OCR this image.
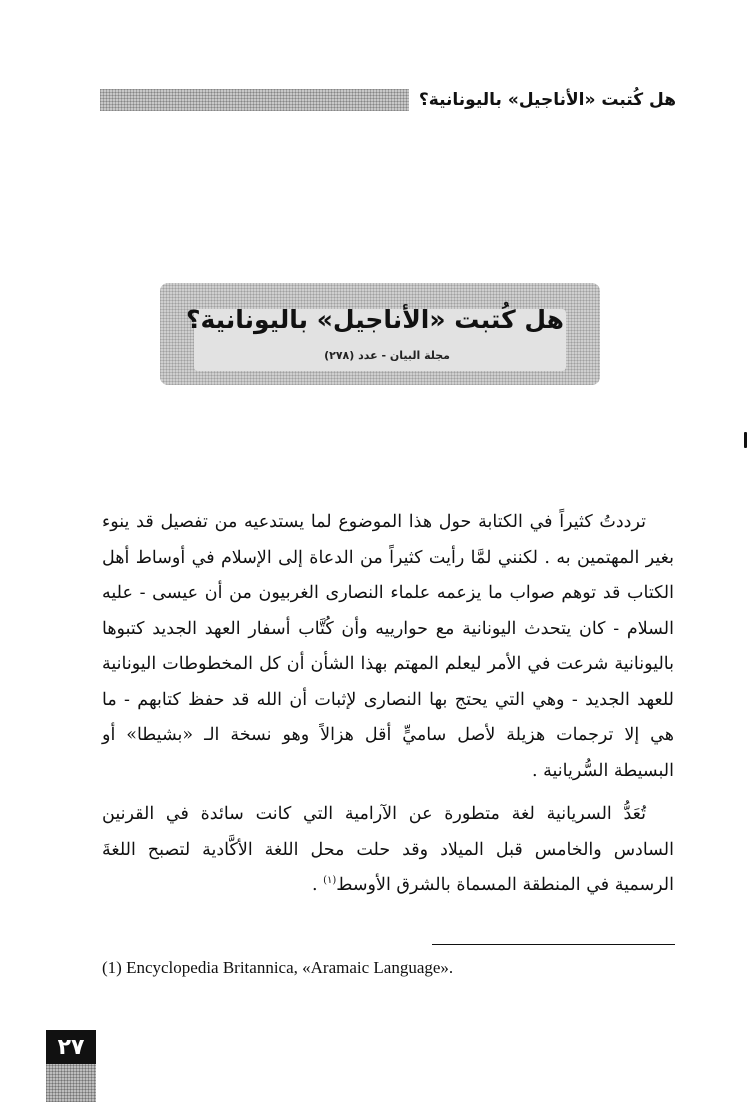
هل كُتبت «الأناجيل» باليونانية؟
هل كُتبت «الأناجيل» باليونانية؟
مجلة البيان - عدد (٢٧٨)

ترددتُ كثيراً في الكتابة حول هذا الموضوع لما يستدعيه من تفصيل قد ينوء بغير المهتمين به . لكنني لمَّا رأيت كثيراً من الدعاة إلى الإسلام في أوساط أهل الكتاب قد توهم صواب ما يزعمه علماء النصارى الغربيون من أن عيسى - عليه السلام - كان يتحدث اليونانية مع حوارييه وأن كُتَّاب أسفار العهد الجديد كتبوها باليونانية شرعت في الأمر ليعلم المهتم بهذا الشأن أن كل المخطوطات اليونانية للعهد الجديد - وهي التي يحتج بها النصارى لإثبات أن الله قد حفظ كتابهم - ما هي إلا ترجمات هزيلة لأصل ساميٍّ أقل هزالاً وهو نسخة الـ «بشيطا» أو البسيطة السُّريانية .

تُعَدُّ السريانية لغة متطورة عن الآرامية التي كانت سائدة في القرنين السادس والخامس قبل الميلاد وقد حلت محل اللغة الأكَّادية لتصبح اللغةَ الرسمية في المنطقة المسماة بالشرق الأوسط$^{(١)}$ .

(1) Encyclopedia Britannica, «Aramaic Language».
٢٧
